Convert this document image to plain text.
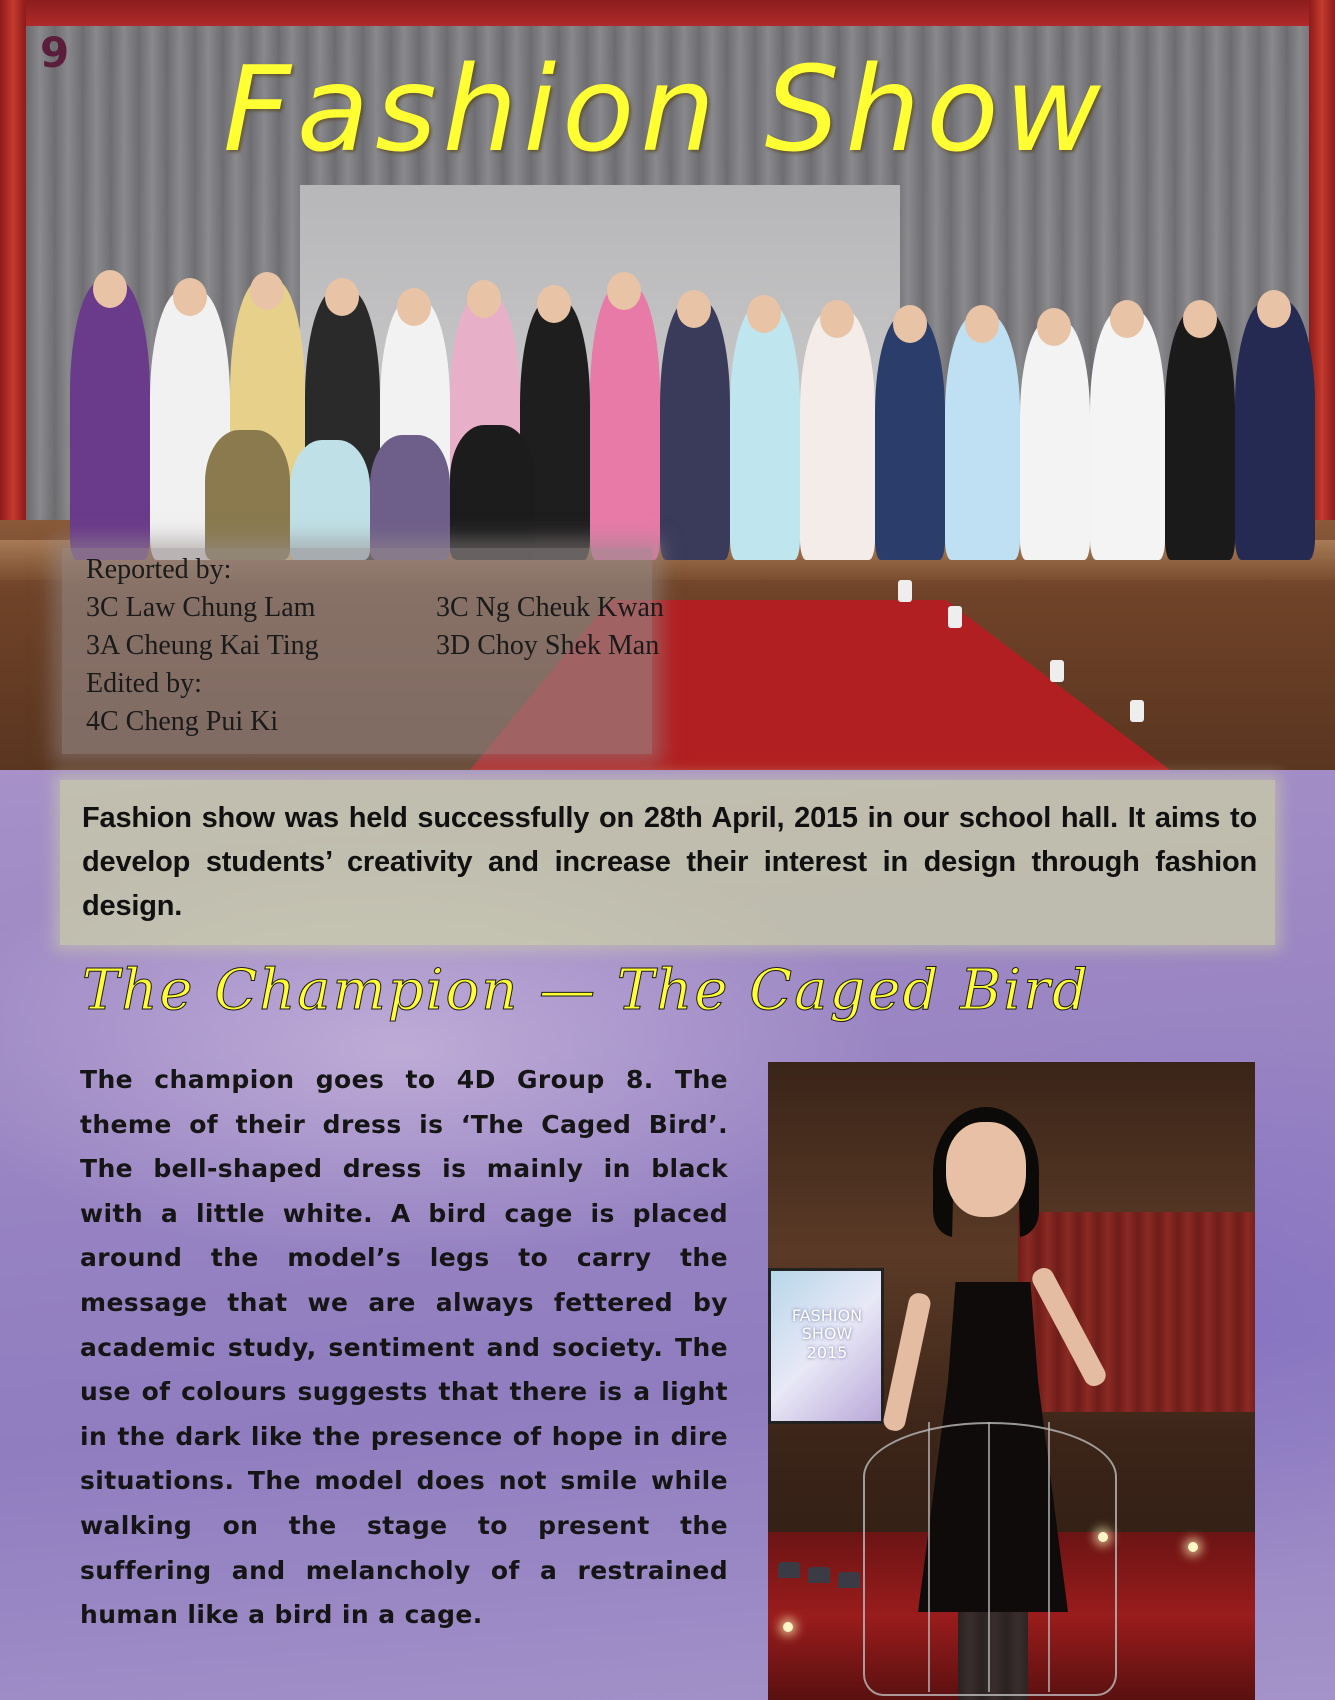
9	Fashion Show
Reported by:
3C Law Chung Lam	3C Ng Cheuk Kwan
3A Cheung Kai Ting	3D Choy Shek Man
Edited by:
4C Cheng Pui Ki
Fashion show was held successfully on 28th April, 2015 in our school hall. It aims to develop students’ creativity and increase their interest in design through fashion design.
The Champion — The Caged Bird
The champion goes to 4D Group 8. The theme of their dress is ‘The Caged Bird’. The bell-shaped dress is mainly in black with a little white. A bird cage is placed around the model’s legs to carry the message that we are always fettered by academic study, sentiment and society. The use of colours suggests that there is a light in the dark like the presence of hope in dire situations. The model does not smile while walking on the stage to present the suffering and melancholy of a restrained human like a bird in a cage.
FASHION SHOW 2015
